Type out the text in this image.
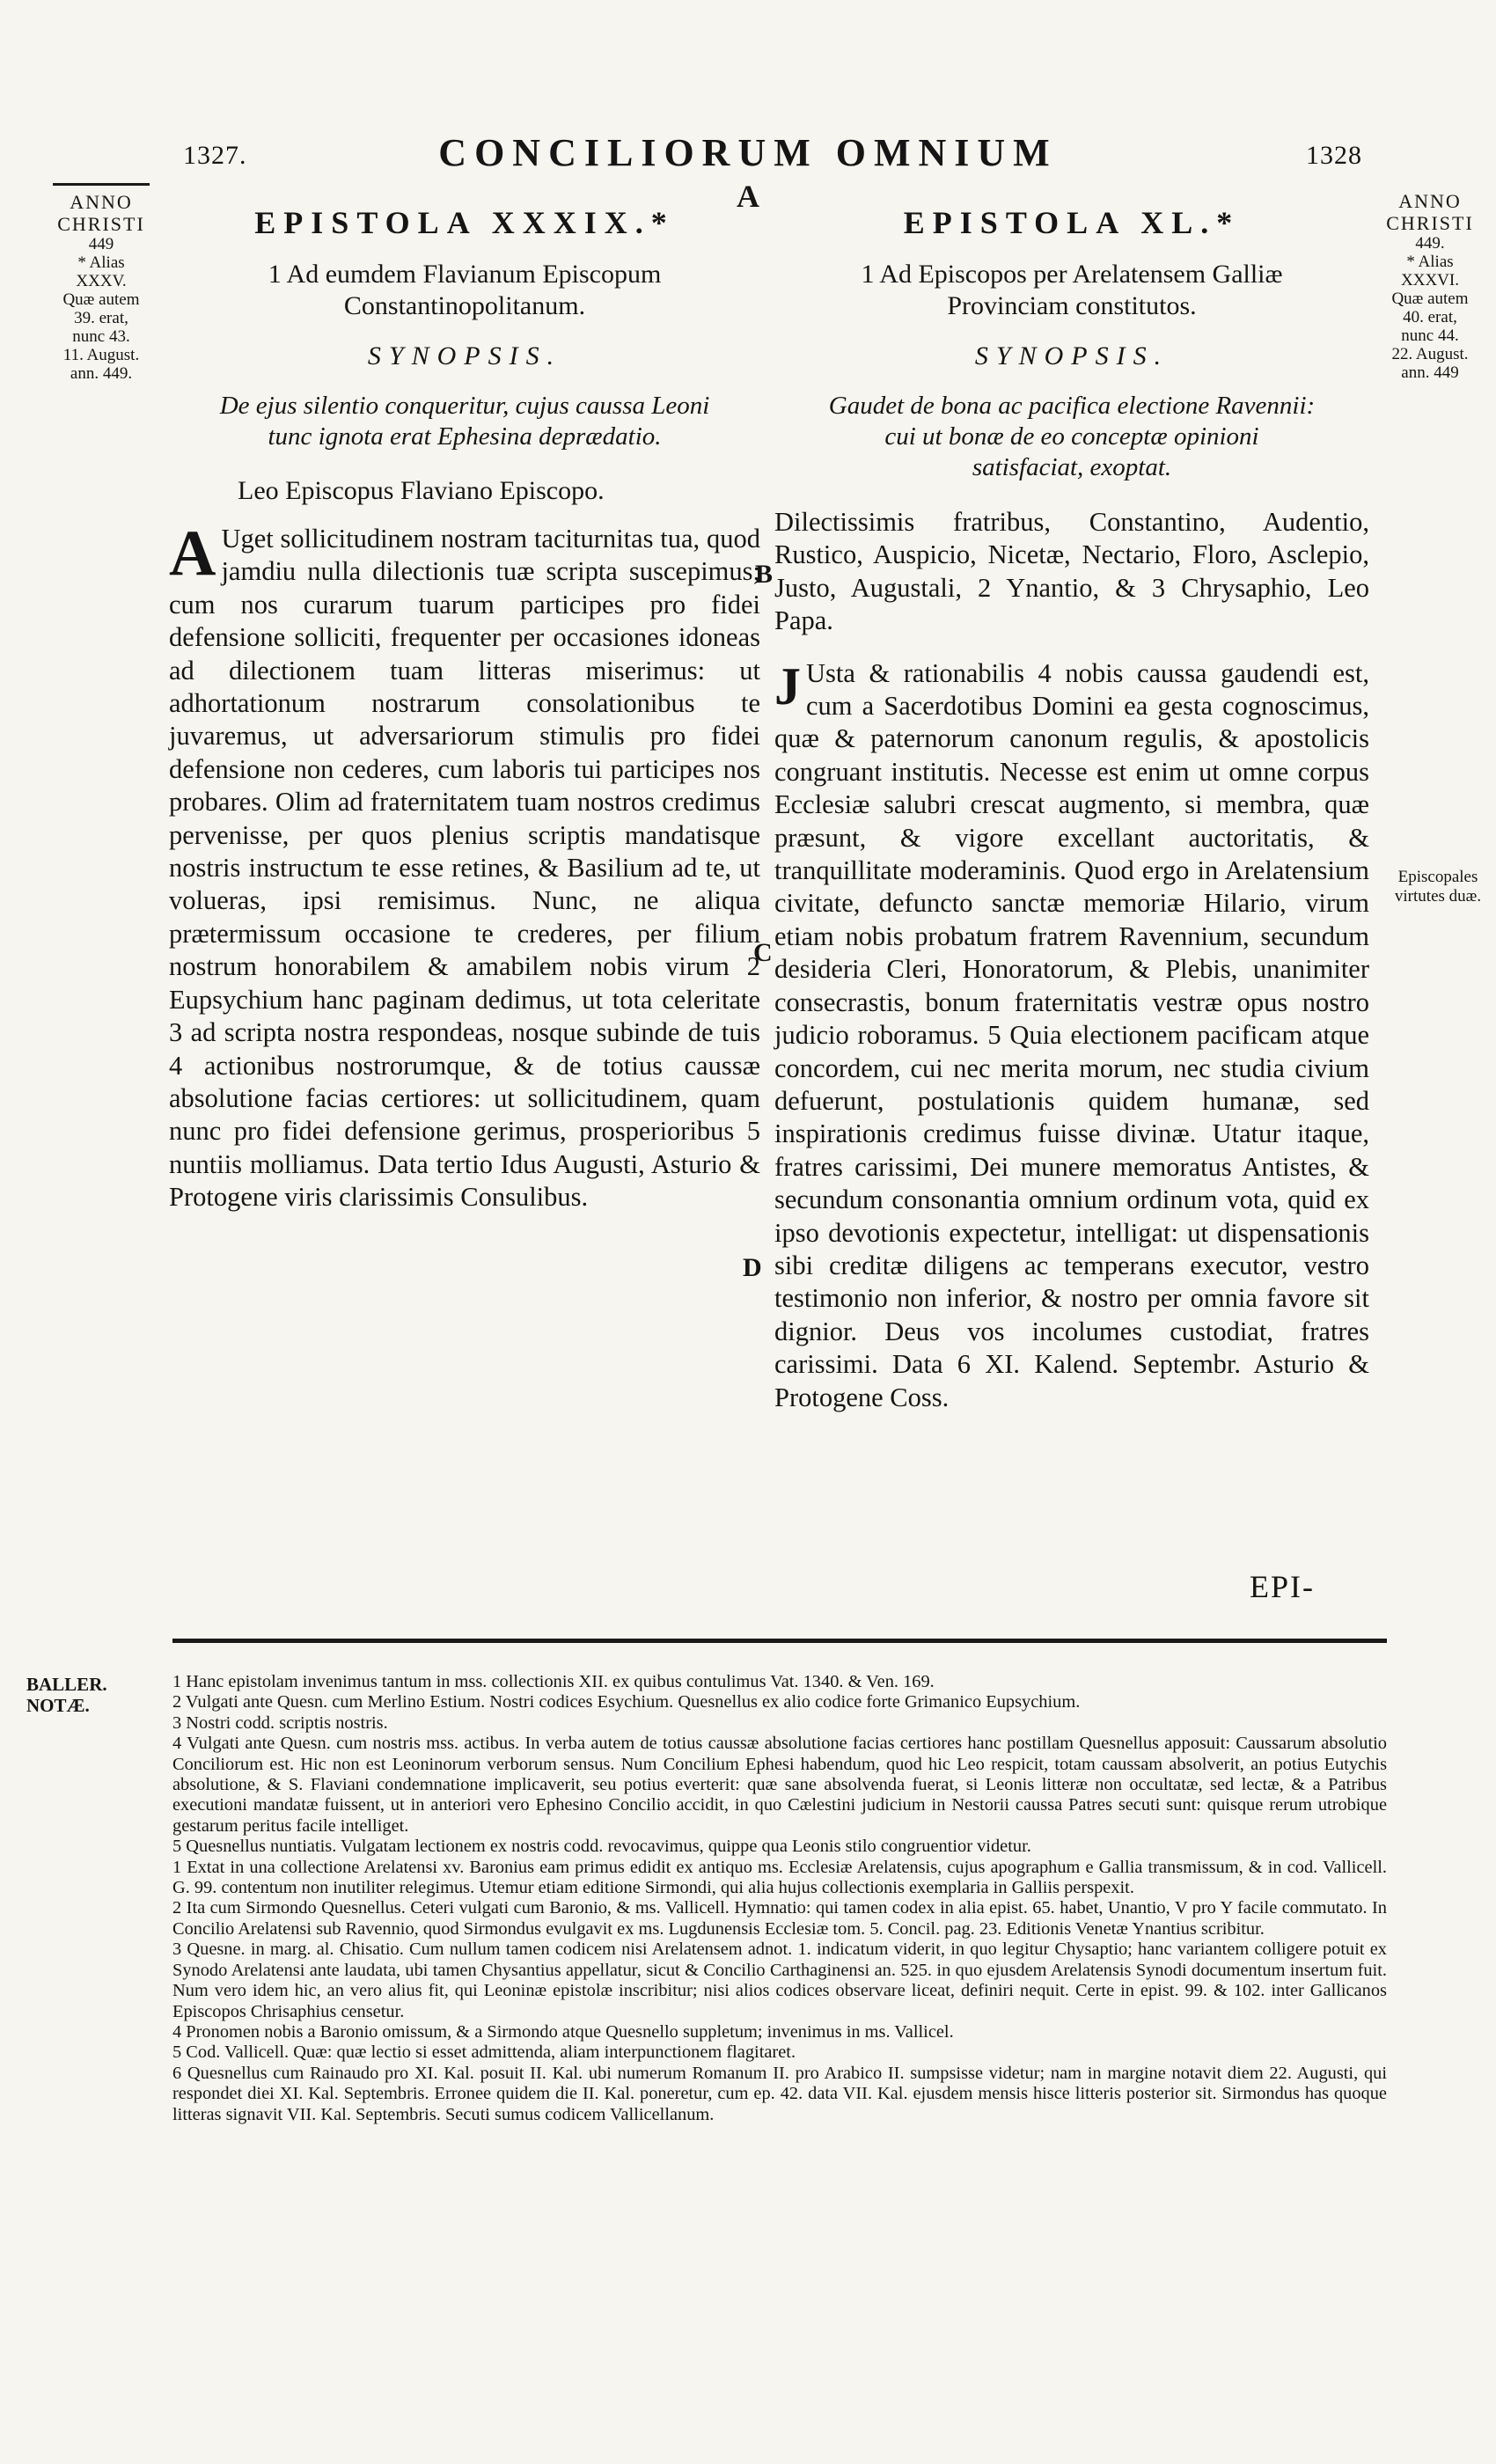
1327.	CONCILIORUM OMNIUM	1328
A
ANNO
CHRISTI
449
* Alias
XXXV.
Quæ autem
39. erat,
nunc 43.
11. August.
ann. 449.
ANNO
CHRISTI
449.
* Alias
XXXVI.
Quæ autem
40. erat,
nunc 44.
22. August.
ann. 449
Episcopales
virtutes duæ.
B
C
D
EPISTOLA XXXIX.*
1 Ad eumdem Flavianum Episcopum
Constantinopolitanum.
SYNOPSIS.
De ejus silentio conqueritur, cujus caussa Leoni
tunc ignota erat Ephesina deprædatio.
Leo Episcopus Flaviano Episcopo.
A Uget sollicitudinem nostram taciturnitas tua, quod jamdiu nulla dilectionis tuæ scripta suscepimus; cum nos curarum tuarum participes pro fidei defensione solliciti, frequenter per occasiones idoneas ad dilectionem tuam litteras miserimus: ut adhortationum nostrarum consolationibus te juvaremus, ut adversariorum stimulis pro fidei defensione non cederes, cum laboris tui participes nos probares. Olim ad fraternitatem tuam nostros credimus pervenisse, per quos plenius scriptis mandatisque nostris instructum te esse retines, & Basilium ad te, ut volueras, ipsi remisimus. Nunc, ne aliqua prætermissum occasione te crederes, per filium nostrum honorabilem & amabilem nobis virum 2 Eupsychium hanc paginam dedimus, ut tota celeritate 3 ad scripta nostra respondeas, nosque subinde de tuis 4 actionibus nostrorumque, & de totius caussæ absolutione facias certiores: ut sollicitudinem, quam nunc pro fidei defensione gerimus, prosperioribus 5 nuntiis molliamus. Data tertio Idus Augusti, Asturio & Protogene viris clarissimis Consulibus.
EPISTOLA XL.*
1 Ad Episcopos per Arelatensem Galliæ
Provinciam constitutos.
SYNOPSIS.
Gaudet de bona ac pacifica electione Ravennii:
cui ut bonæ de eo conceptæ opinioni
satisfaciat, exoptat.
Dilectissimis fratribus, Constantino, Audentio, Rustico, Auspicio, Nicetæ, Nectario, Floro, Asclepio, Justo, Augustali, 2 Ynantio, & 3 Chrysaphio, Leo Papa.
J Usta & rationabilis 4 nobis caussa gaudendi est, cum a Sacerdotibus Domini ea gesta cognoscimus, quæ & paternorum canonum regulis, & apostolicis congruant institutis. Necesse est enim ut omne corpus Ecclesiæ salubri crescat augmento, si membra, quæ præsunt, & vigore excellant auctoritatis, & tranquillitate moderaminis. Quod ergo in Arelatensium civitate, defuncto sanctæ memoriæ Hilario, virum etiam nobis probatum fratrem Ravennium, secundum desideria Cleri, Honoratorum, & Plebis, unanimiter consecrastis, bonum fraternitatis vestræ opus nostro judicio roboramus. 5 Quia electionem pacificam atque concordem, cui nec merita morum, nec studia civium defuerunt, postulationis quidem humanæ, sed inspirationis credimus fuisse divinæ. Utatur itaque, fratres carissimi, Dei munere memoratus Antistes, & secundum consonantia omnium ordinum vota, quid ex ipso devotionis expectetur, intelligat: ut dispensationis sibi creditæ diligens ac temperans executor, vestro testimonio non inferior, & nostro per omnia favore sit dignior. Deus vos incolumes custodiat, fratres carissimi. Data 6 XI. Kalend. Septembr. Asturio & Protogene Coss.
EPI-
BALLER.
NOTÆ.

1 Hanc epistolam invenimus tantum in mss. collectionis XII. ex quibus contulimus Vat. 1340. & Ven. 169.

2 Vulgati ante Quesn. cum Merlino Estium. Nostri codices Esychium. Quesnellus ex alio codice forte Grimanico Eupsychium.

3 Nostri codd. scriptis nostris.

4 Vulgati ante Quesn. cum nostris mss. actibus. In verba autem de totius caussæ absolutione facias certiores hanc postillam Quesnellus apposuit: Caussarum absolutio Conciliorum est. Hic non est Leoninorum verborum sensus. Num Concilium Ephesi habendum, quod hic Leo respicit, totam caussam absolverit, an potius Eutychis absolutione, & S. Flaviani condemnatione implicaverit, seu potius everterit: quæ sane absolvenda fuerat, si Leonis litteræ non occultatæ, sed lectæ, & a Patribus executioni mandatæ fuissent, ut in anteriori vero Ephesino Concilio accidit, in quo Cælestini judicium in Nestorii caussa Patres secuti sunt: quisque rerum utrobique gestarum peritus facile intelliget.

5 Quesnellus nuntiatis. Vulgatam lectionem ex nostris codd. revocavimus, quippe qua Leonis stilo congruentior videtur.

1 Extat in una collectione Arelatensi xv. Baronius eam primus edidit ex antiquo ms. Ecclesiæ Arelatensis, cujus apographum e Gallia transmissum, & in cod. Vallicell. G. 99. contentum non inutiliter relegimus. Utemur etiam editione Sirmondi, qui alia hujus collectionis exemplaria in Galliis perspexit.

2 Ita cum Sirmondo Quesnellus. Ceteri vulgati cum Baronio, & ms. Vallicell. Hymnatio: qui tamen codex in alia epist. 65. habet, Unantio, V pro Y facile commutato. In Concilio Arelatensi sub Ravennio, quod Sirmondus evulgavit ex ms. Lugdunensis Ecclesiæ tom. 5. Concil. pag. 23. Editionis Venetæ Ynantius scribitur.

3 Quesne. in marg. al. Chisatio. Cum nullum tamen codicem nisi Arelatensem adnot. 1. indicatum viderit, in quo legitur Chysaptio; hanc variantem colligere potuit ex Synodo Arelatensi ante laudata, ubi tamen Chysantius appellatur, sicut & Concilio Carthaginensi an. 525. in quo ejusdem Arelatensis Synodi documentum insertum fuit. Num vero idem hic, an vero alius fit, qui Leoninæ epistolæ inscribitur; nisi alios codices observare liceat, definiri nequit. Certe in epist. 99. & 102. inter Gallicanos Episcopos Chrisaphius censetur.

4 Pronomen nobis a Baronio omissum, & a Sirmondo atque Quesnello suppletum; invenimus in ms. Vallicel.

5 Cod. Vallicell. Quæ: quæ lectio si esset admittenda, aliam interpunctionem flagitaret.

6 Quesnellus cum Rainaudo pro XI. Kal. posuit II. Kal. ubi numerum Romanum II. pro Arabico II. sumpsisse videtur; nam in margine notavit diem 22. Augusti, qui respondet diei XI. Kal. Septembris. Erronee quidem die II. Kal. poneretur, cum ep. 42. data VII. Kal. ejusdem mensis hisce litteris posterior sit. Sirmondus has quoque litteras signavit VII. Kal. Septembris. Secuti sumus codicem Vallicellanum.
